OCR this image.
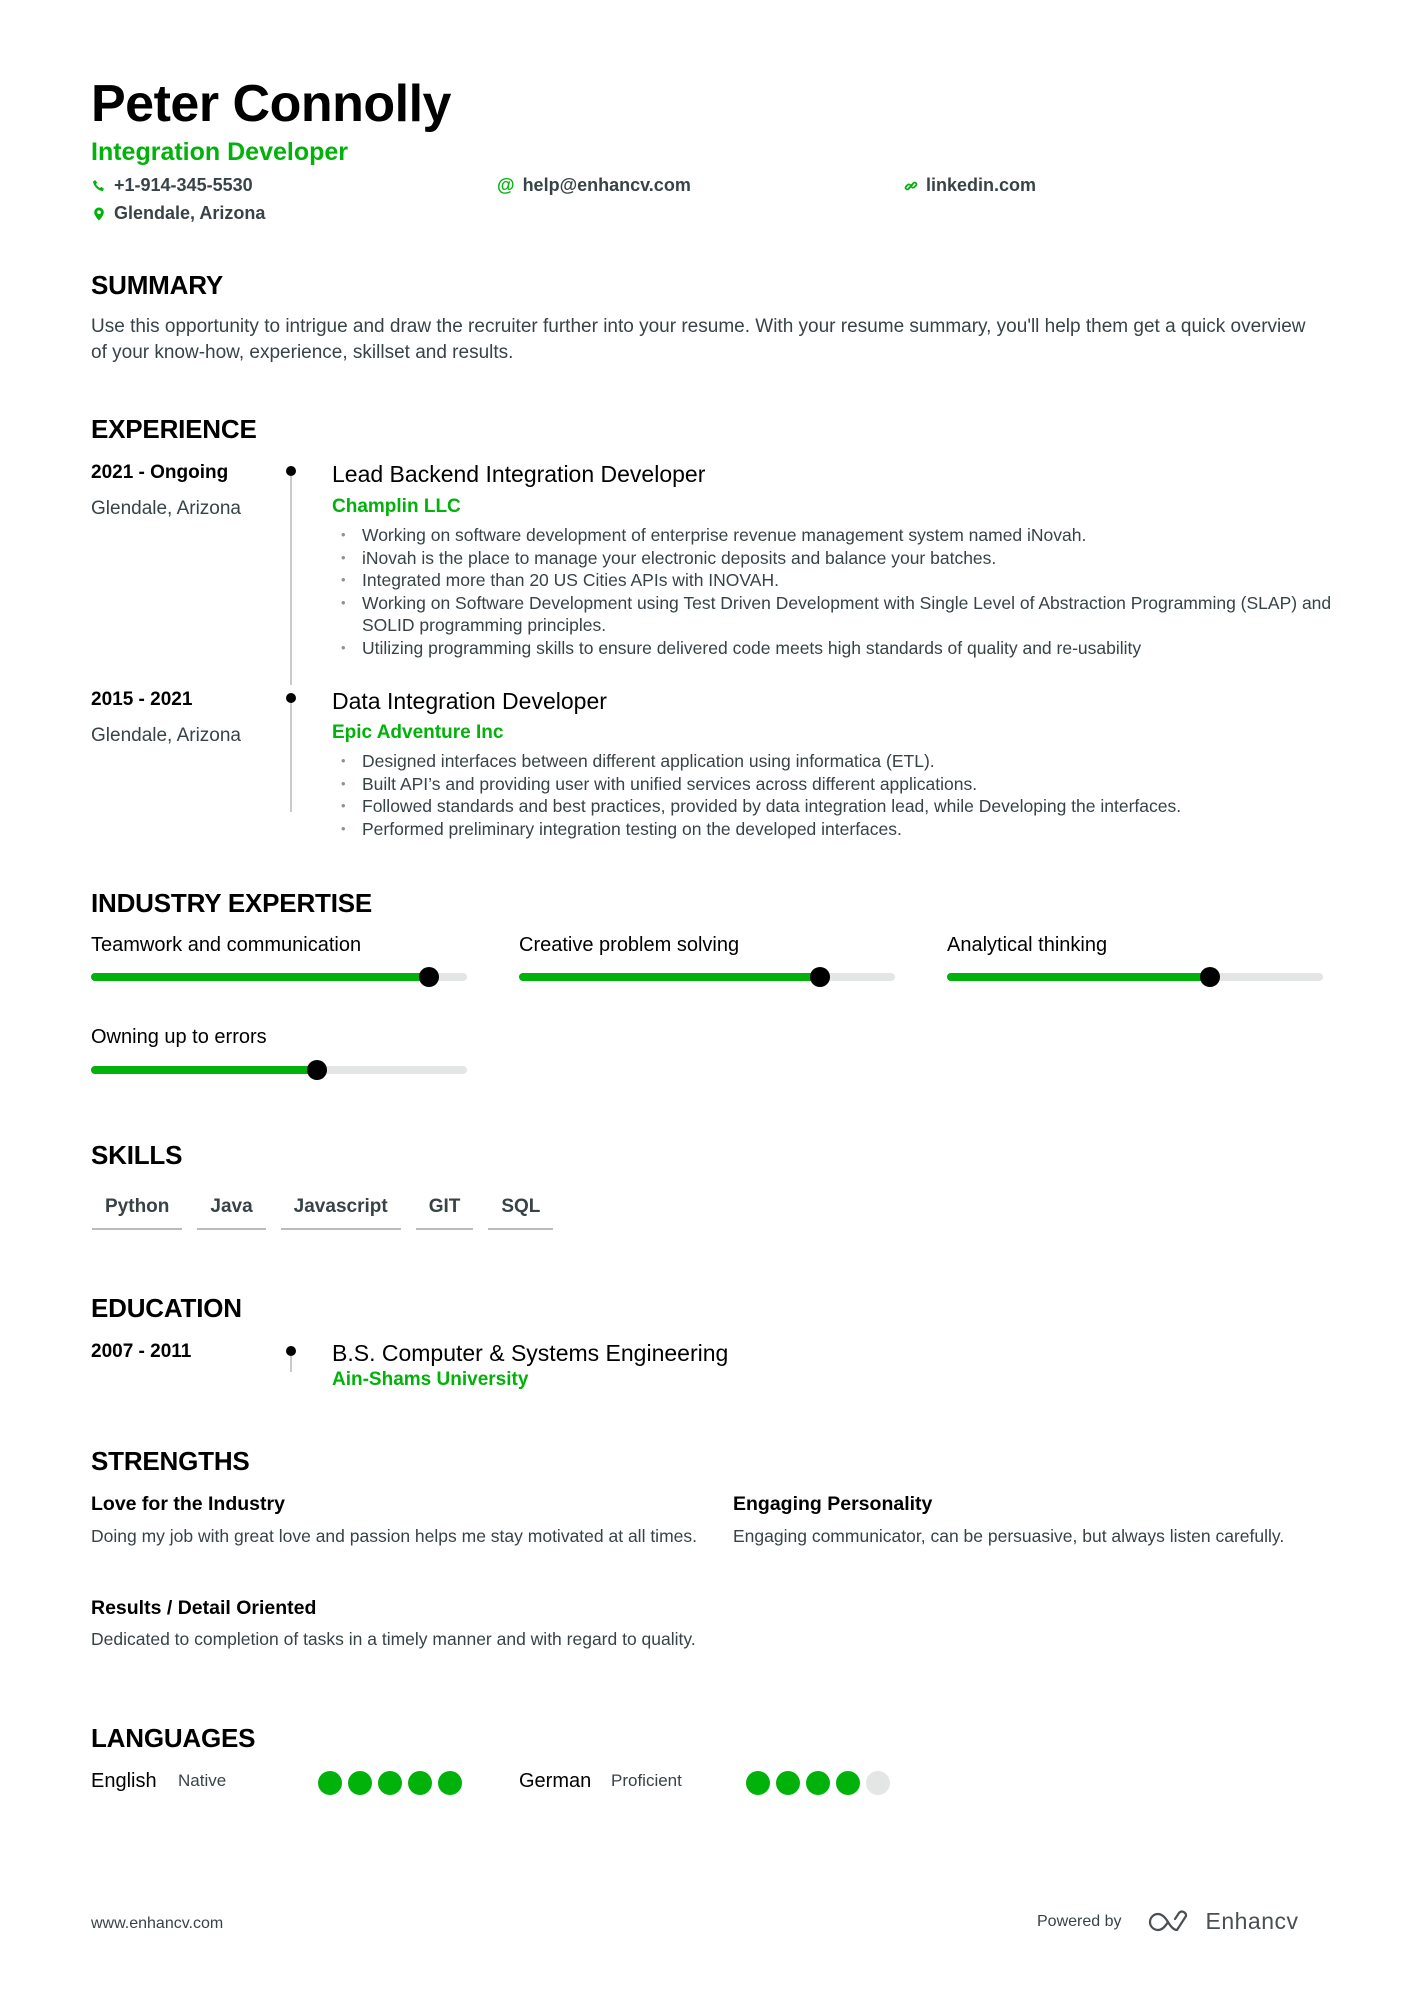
Peter Connolly
Integration Developer
+1-914-345-5530	@ help@enhancv.com	linkedin.com
Glendale, Arizona
SUMMARY
Use this opportunity to intrigue and draw the recruiter further into your resume. With your resume summary, you'll help them get a quick overview of your know-how, experience, skillset and results.
EXPERIENCE
2021 - Ongoing
Glendale, Arizona
Lead Backend Integration Developer
Champlin LLC
• Working on software development of enterprise revenue management system named iNovah.
• iNovah is the place to manage your electronic deposits and balance your batches.
• Integrated more than 20 US Cities APIs with INOVAH.
• Working on Software Development using Test Driven Development with Single Level of Abstraction Programming (SLAP) and SOLID programming principles.
• Utilizing programming skills to ensure delivered code meets high standards of quality and re-usability
2015 - 2021
Glendale, Arizona
Data Integration Developer
Epic Adventure Inc
• Designed interfaces between different application using informatica (ETL).
• Built API’s and providing user with unified services across different applications.
• Followed standards and best practices, provided by data integration lead, while Developing the interfaces.
• Performed preliminary integration testing on the developed interfaces.
INDUSTRY EXPERTISE
Teamwork and communication	Creative problem solving	Analytical thinking
Owning up to errors
SKILLS
Python	Java	Javascript	GIT	SQL
EDUCATION
2007 - 2011	B.S. Computer & Systems Engineering
Ain-Shams University
STRENGTHS
Love for the Industry
Doing my job with great love and passion helps me stay motivated at all times.
Engaging Personality
Engaging communicator, can be persuasive, but always listen carefully.
Results / Detail Oriented
Dedicated to completion of tasks in a timely manner and with regard to quality.
LANGUAGES
English Native	German Proficient
www.enhancv.com	Powered by	Enhancv
